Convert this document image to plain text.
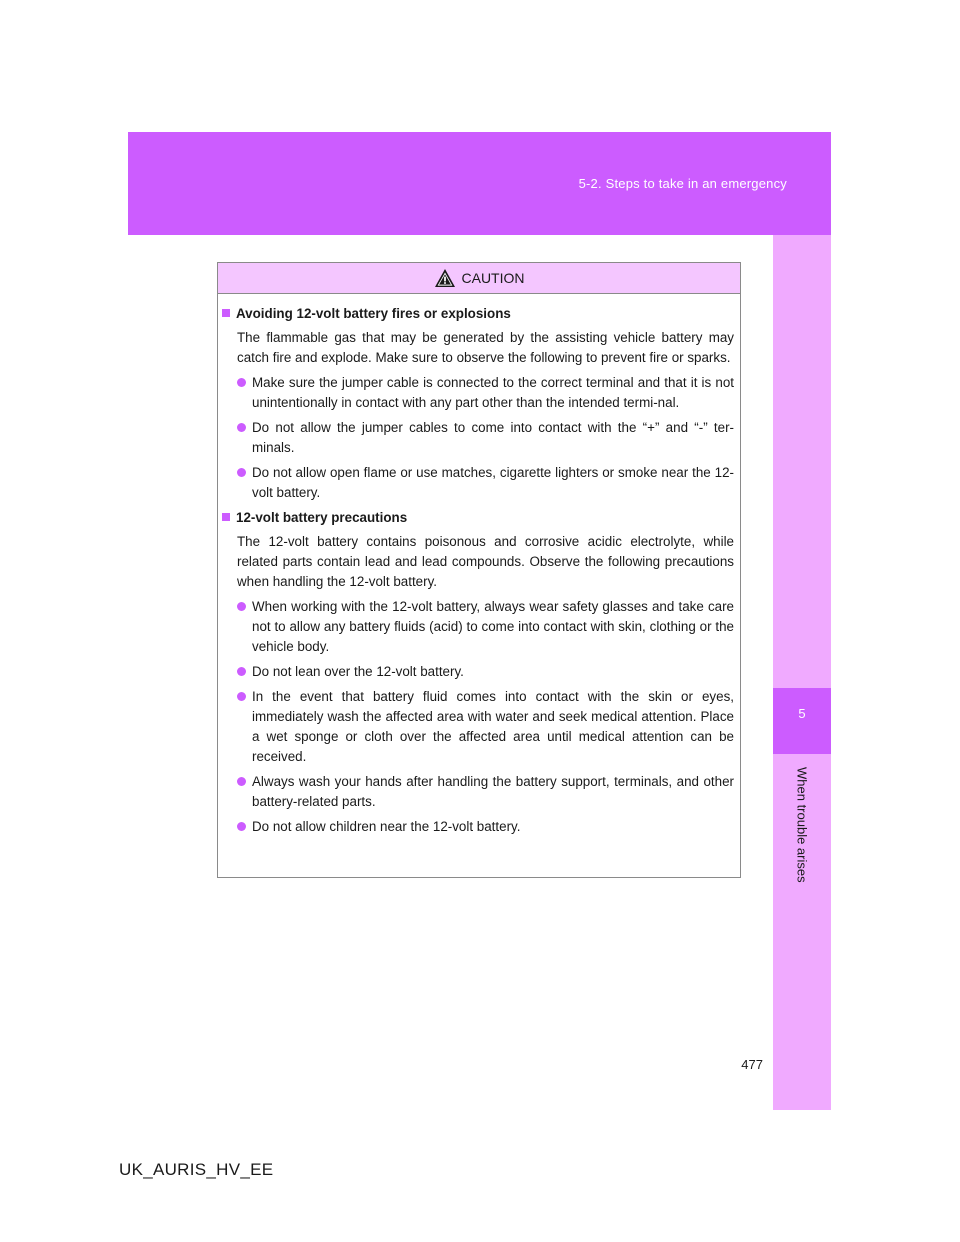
5-2. Steps to take in an emergency
5
When trouble arises
CAUTION
Avoiding 12-volt battery fires or explosions
The flammable gas that may be generated by the assisting vehicle battery may catch fire and explode. Make sure to observe the following to prevent fire or sparks.
Make sure the jumper cable is connected to the correct terminal and that it is not unintentionally in contact with any part other than the intended termi-nal.
Do not allow the jumper cables to come into contact with the “+” and “-” ter-minals.
Do not allow open flame or use matches, cigarette lighters or smoke near the 12-volt battery.
12-volt battery precautions
The 12-volt battery contains poisonous and corrosive acidic electrolyte, while related parts contain lead and lead compounds. Observe the following precautions when handling the 12-volt battery.
When working with the 12-volt battery, always wear safety glasses and take care not to allow any battery fluids (acid) to come into contact with skin, clothing or the vehicle body.
Do not lean over the 12-volt battery.
In the event that battery fluid comes into contact with the skin or eyes, immediately wash the affected area with water and seek medical attention. Place a wet sponge or cloth over the affected area until medical attention can be received.
Always wash your hands after handling the battery support, terminals, and other battery-related parts.
Do not allow children near the 12-volt battery.
477
UK_AURIS_HV_EE
